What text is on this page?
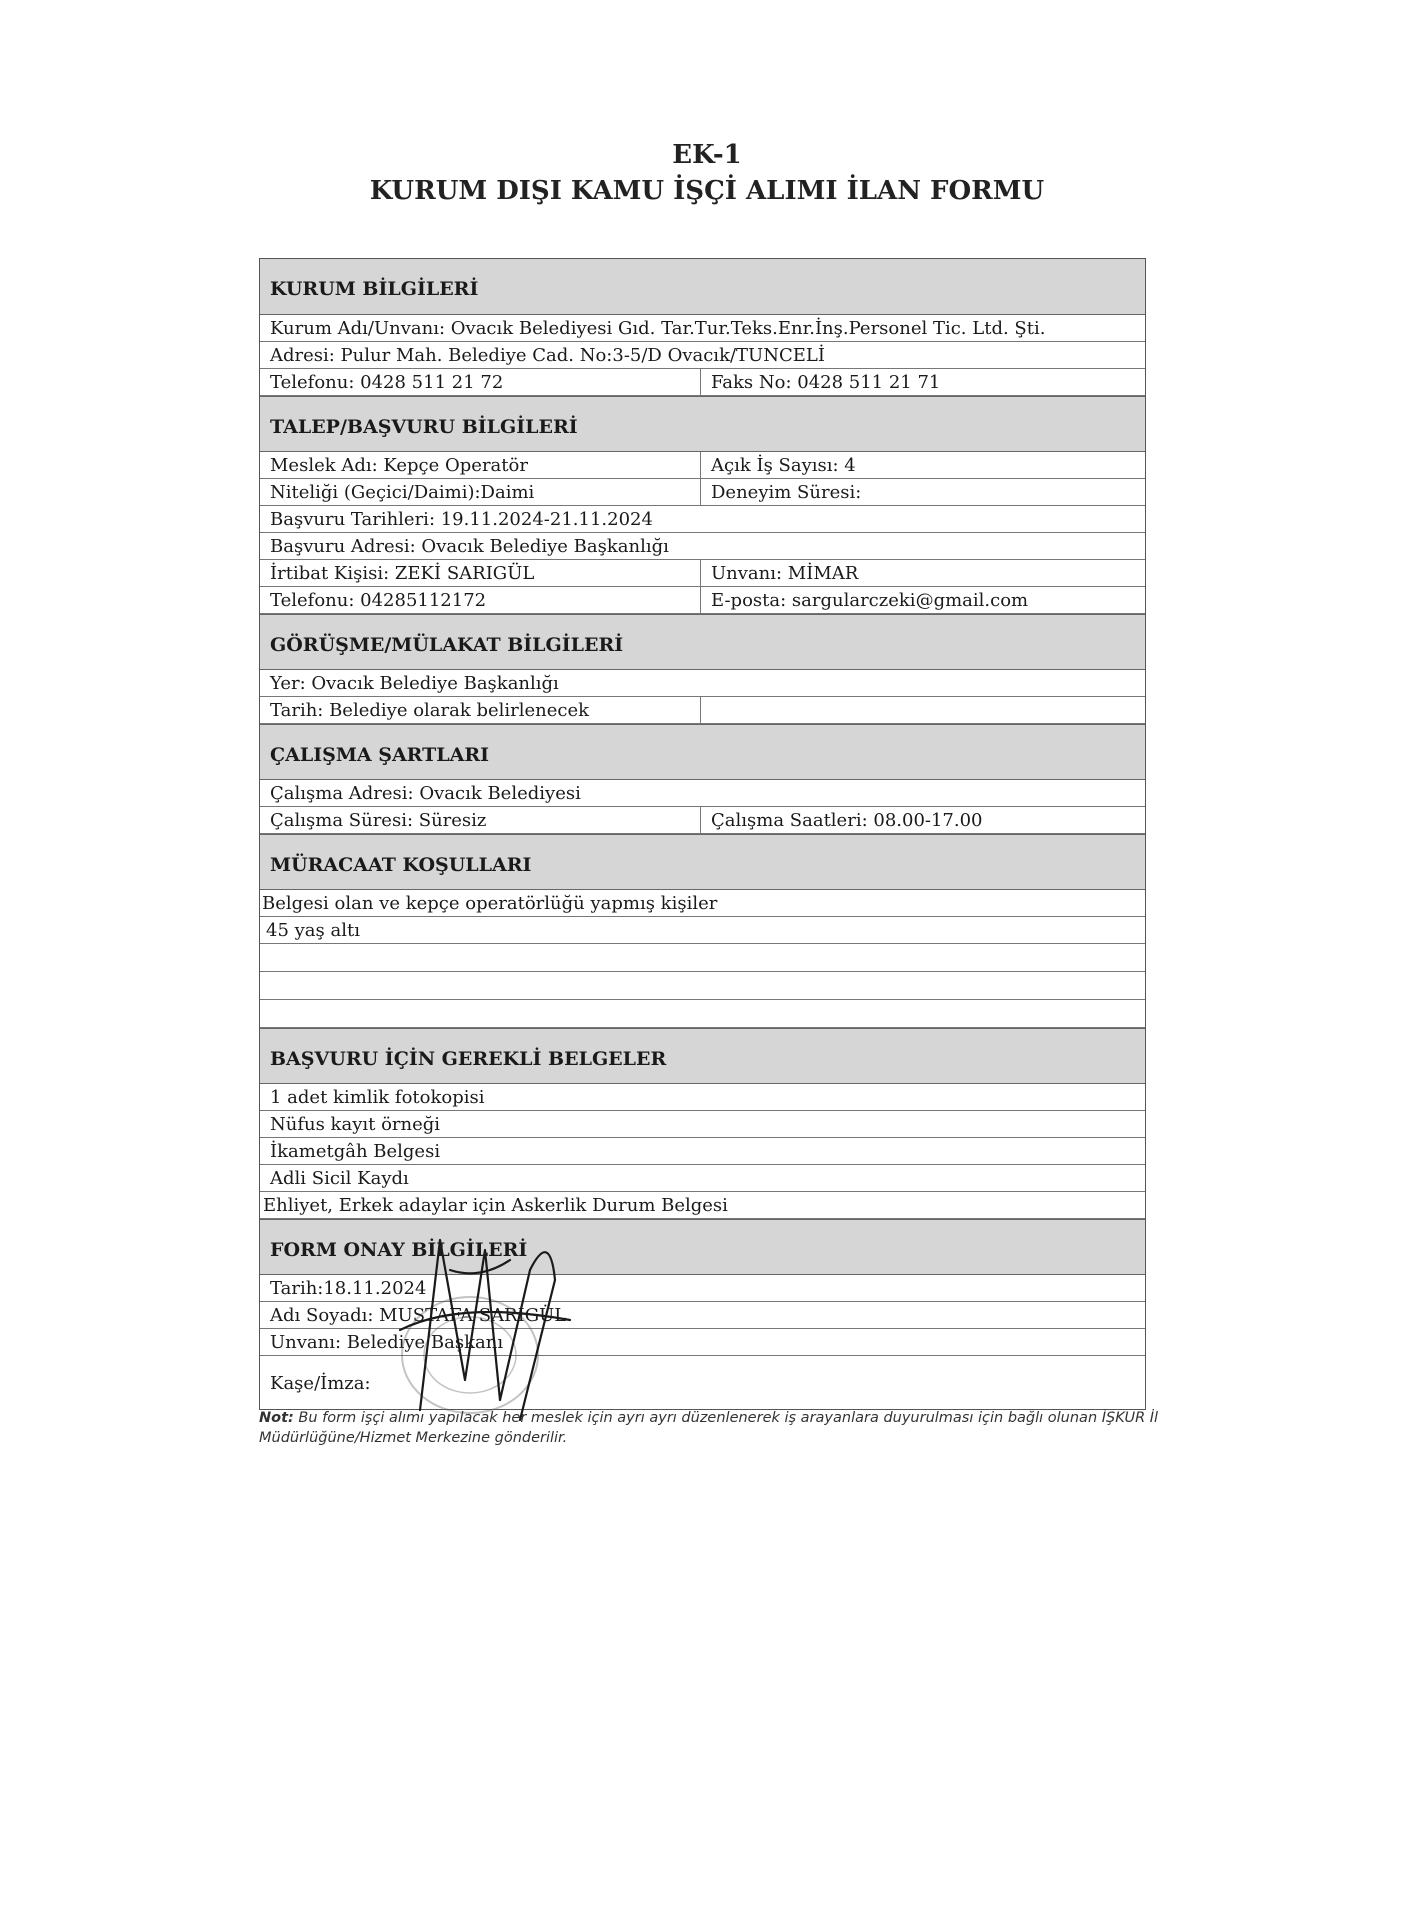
EK-1
KURUM DIŞI KAMU İŞÇİ ALIMI İLAN FORMU
KURUM BİLGİLERİ
Kurum Adı/Unvanı: Ovacık Belediyesi Gıd. Tar.Tur.Teks.Enr.İnş.Personel Tic. Ltd. Şti.
Adresi: Pulur Mah. Belediye Cad. No:3-5/D Ovacık/TUNCELİ
Telefonu: 0428 511 21 72	Faks No: 0428 511 21 71
TALEP/BAŞVURU BİLGİLERİ
Meslek Adı: Kepçe Operatör	Açık İş Sayısı: 4
Niteliği (Geçici/Daimi):Daimi	Deneyim Süresi:
Başvuru Tarihleri: 19.11.2024-21.11.2024
Başvuru Adresi: Ovacık Belediye Başkanlığı
İrtibat Kişisi: ZEKİ SARIGÜL	Unvanı: MİMAR
Telefonu: 04285112172	E-posta: sargularczeki@gmail.com
GÖRÜŞME/MÜLAKAT BİLGİLERİ
Yer: Ovacık Belediye Başkanlığı
Tarih: Belediye olarak belirlenecek
ÇALIŞMA ŞARTLARI
Çalışma Adresi: Ovacık Belediyesi
Çalışma Süresi: Süresiz	Çalışma Saatleri: 08.00-17.00
MÜRACAAT KOŞULLARI
Belgesi olan ve kepçe operatörlüğü yapmış kişiler
45 yaş altı
BAŞVURU İÇİN GEREKLİ BELGELER
1 adet kimlik fotokopisi
Nüfus kayıt örneği
İkametgâh Belgesi
Adli Sicil Kaydı
Ehliyet, Erkek adaylar için Askerlik Durum Belgesi
FORM ONAY BİLGİLERİ
Tarih:18.11.2024
Adı Soyadı: MUSTAFA SARIGÜL
Unvanı: Belediye Başkanı
Kaşe/İmza:
Not: Bu form işçi alımı yapılacak her meslek için ayrı ayrı düzenlenerek iş arayanlara duyurulması için bağlı olunan İŞKUR İl Müdürlüğüne/Hizmet Merkezine gönderilir.
